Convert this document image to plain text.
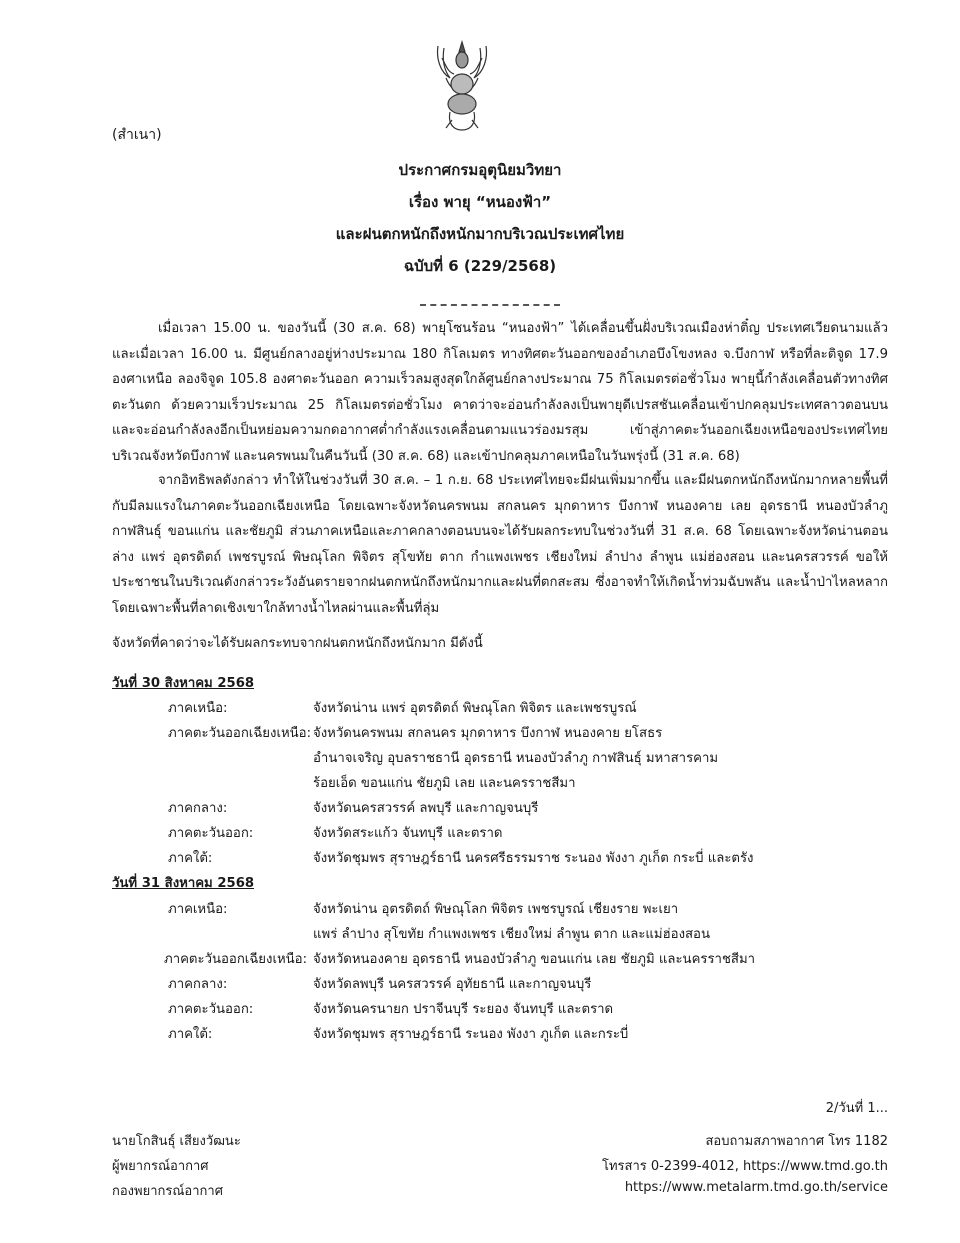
(สำเนา)
ประกาศกรมอุตุนิยมวิทยา
เรื่อง พายุ “หนองฟ้า”
และฝนตกหนักถึงหนักมากบริเวณประเทศไทย
ฉบับที่ 6 (229/2568)
เมื่อเวลา 15.00 น. ของวันนี้ (30 ส.ค. 68) พายุโซนร้อน “หนองฟ้า” ได้เคลื่อนขึ้นฝั่งบริเวณเมืองห่าติ๋ญ ประเทศเวียดนามแล้ว และเมื่อเวลา 16.00 น. มีศูนย์กลางอยู่ห่างประมาณ 180 กิโลเมตร ทางทิศตะวันออกของอำเภอบึงโขงหลง จ.บึงกาฬ หรือที่ละติจูด 17.9 องศาเหนือ ลองจิจูด 105.8 องศาตะวันออก ความเร็วลมสูงสุดใกล้ศูนย์กลางประมาณ 75 กิโลเมตรต่อชั่วโมง พายุนี้กำลังเคลื่อนตัวทางทิศตะวันตก ด้วยความเร็วประมาณ 25 กิโลเมตรต่อชั่วโมง คาดว่าจะอ่อนกำลังลงเป็นพายุดีเปรสชันเคลื่อนเข้าปกคลุมประเทศลาวตอนบน และจะอ่อนกำลังลงอีกเป็นหย่อมความกดอากาศต่ำกำลังแรงเคลื่อนตามแนวร่องมรสุม เข้าสู่ภาคตะวันออกเฉียงเหนือของประเทศไทยบริเวณจังหวัดบึงกาฬ และนครพนมในคืนวันนี้ (30 ส.ค. 68) และเข้าปกคลุมภาคเหนือในวันพรุ่งนี้ (31 ส.ค. 68)
จากอิทธิพลดังกล่าว ทำให้ในช่วงวันที่ 30 ส.ค. – 1 ก.ย. 68 ประเทศไทยจะมีฝนเพิ่มมากขึ้น และมีฝนตกหนักถึงหนักมากหลายพื้นที่ กับมีลมแรงในภาคตะวันออกเฉียงเหนือ โดยเฉพาะจังหวัดนครพนม สกลนคร มุกดาหาร บึงกาฬ หนองคาย เลย อุดรธานี หนองบัวลำภู กาฬสินธุ์ ขอนแก่น และชัยภูมิ ส่วนภาคเหนือและภาคกลางตอนบนจะได้รับผลกระทบในช่วงวันที่ 31 ส.ค. 68 โดยเฉพาะจังหวัดน่านตอนล่าง แพร่ อุตรดิตถ์ เพชรบูรณ์ พิษณุโลก พิจิตร สุโขทัย ตาก กำแพงเพชร เชียงใหม่ ลำปาง ลำพูน แม่ฮ่องสอน และนครสวรรค์ ขอให้ประชาชนในบริเวณดังกล่าวระวังอันตรายจากฝนตกหนักถึงหนักมากและฝนที่ตกสะสม ซึ่งอาจทำให้เกิดน้ำท่วมฉับพลัน และน้ำป่าไหลหลาก โดยเฉพาะพื้นที่ลาดเชิงเขาใกล้ทางน้ำไหลผ่านและพื้นที่ลุ่ม
จังหวัดที่คาดว่าจะได้รับผลกระทบจากฝนตกหนักถึงหนักมาก มีดังนี้
วันที่ 30 สิงหาคม 2568
ภาคเหนือ:	จังหวัดน่าน แพร่ อุตรดิตถ์ พิษณุโลก พิจิตร และเพชรบูรณ์
ภาคตะวันออกเฉียงเหนือ: จังหวัดนครพนม สกลนคร มุกดาหาร บึงกาฬ หนองคาย ยโสธร
อำนาจเจริญ อุบลราชธานี อุดรธานี หนองบัวลำภู กาฬสินธุ์ มหาสารคาม
ร้อยเอ็ด ขอนแก่น ชัยภูมิ เลย และนครราชสีมา
ภาคกลาง:	จังหวัดนครสวรรค์ ลพบุรี และกาญจนบุรี
ภาคตะวันออก:	จังหวัดสระแก้ว จันทบุรี และตราด
ภาคใต้:	จังหวัดชุมพร สุราษฎร์ธานี นครศรีธรรมราช ระนอง พังงา ภูเก็ต กระบี่ และตรัง
วันที่ 31 สิงหาคม 2568
ภาคเหนือ:	จังหวัดน่าน อุตรดิตถ์ พิษณุโลก พิจิตร เพชรบูรณ์ เชียงราย พะเยา
แพร่ ลำปาง สุโขทัย กำแพงเพชร เชียงใหม่ ลำพูน ตาก และแม่ฮ่องสอน
ภาคตะวันออกเฉียงเหนือ: จังหวัดหนองคาย อุดรธานี หนองบัวลำภู ขอนแก่น เลย ชัยภูมิ และนครราชสีมา
ภาคกลาง:	จังหวัดลพบุรี นครสวรรค์ อุทัยธานี และกาญจนบุรี
ภาคตะวันออก:	จังหวัดนครนายก ปราจีนบุรี ระยอง จันทบุรี และตราด
ภาคใต้:	จังหวัดชุมพร สุราษฎร์ธานี ระนอง พังงา ภูเก็ต และกระบี่
2/วันที่ 1...
นายโกสินธุ์ เสียงวัฒนะ
ผู้พยากรณ์อากาศ
กองพยากรณ์อากาศ
สอบถามสภาพอากาศ โทร 1182
โทรสาร 0-2399-4012, https://www.tmd.go.th
https://www.metalarm.tmd.go.th/service
